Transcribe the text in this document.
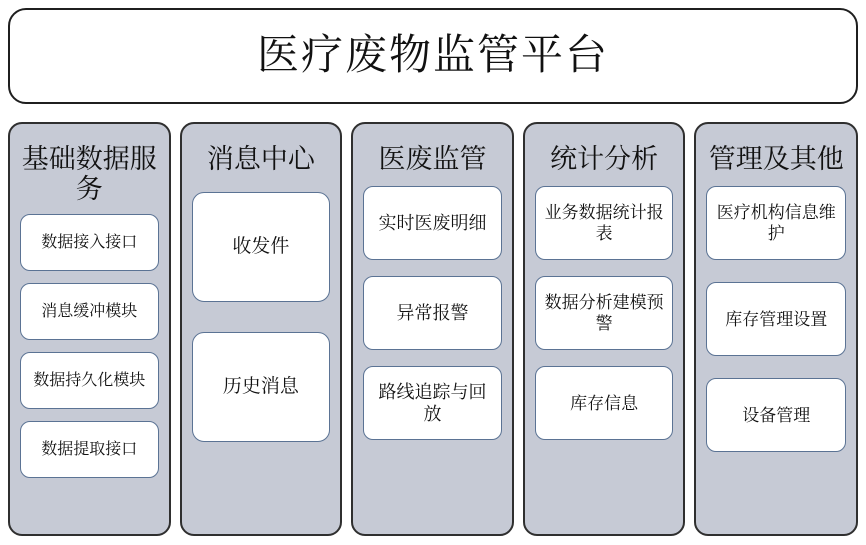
医疗废物监管平台
基础数据服务
数据接入接口
消息缓冲模块
数据持久化模块
数据提取接口
消息中心
收发件
历史消息
医废监管
实时医废明细
异常报警
路线追踪与回放
统计分析
业务数据统计报表
数据分析建模预警
库存信息
管理及其他
医疗机构信息维护
库存管理设置
设备管理
